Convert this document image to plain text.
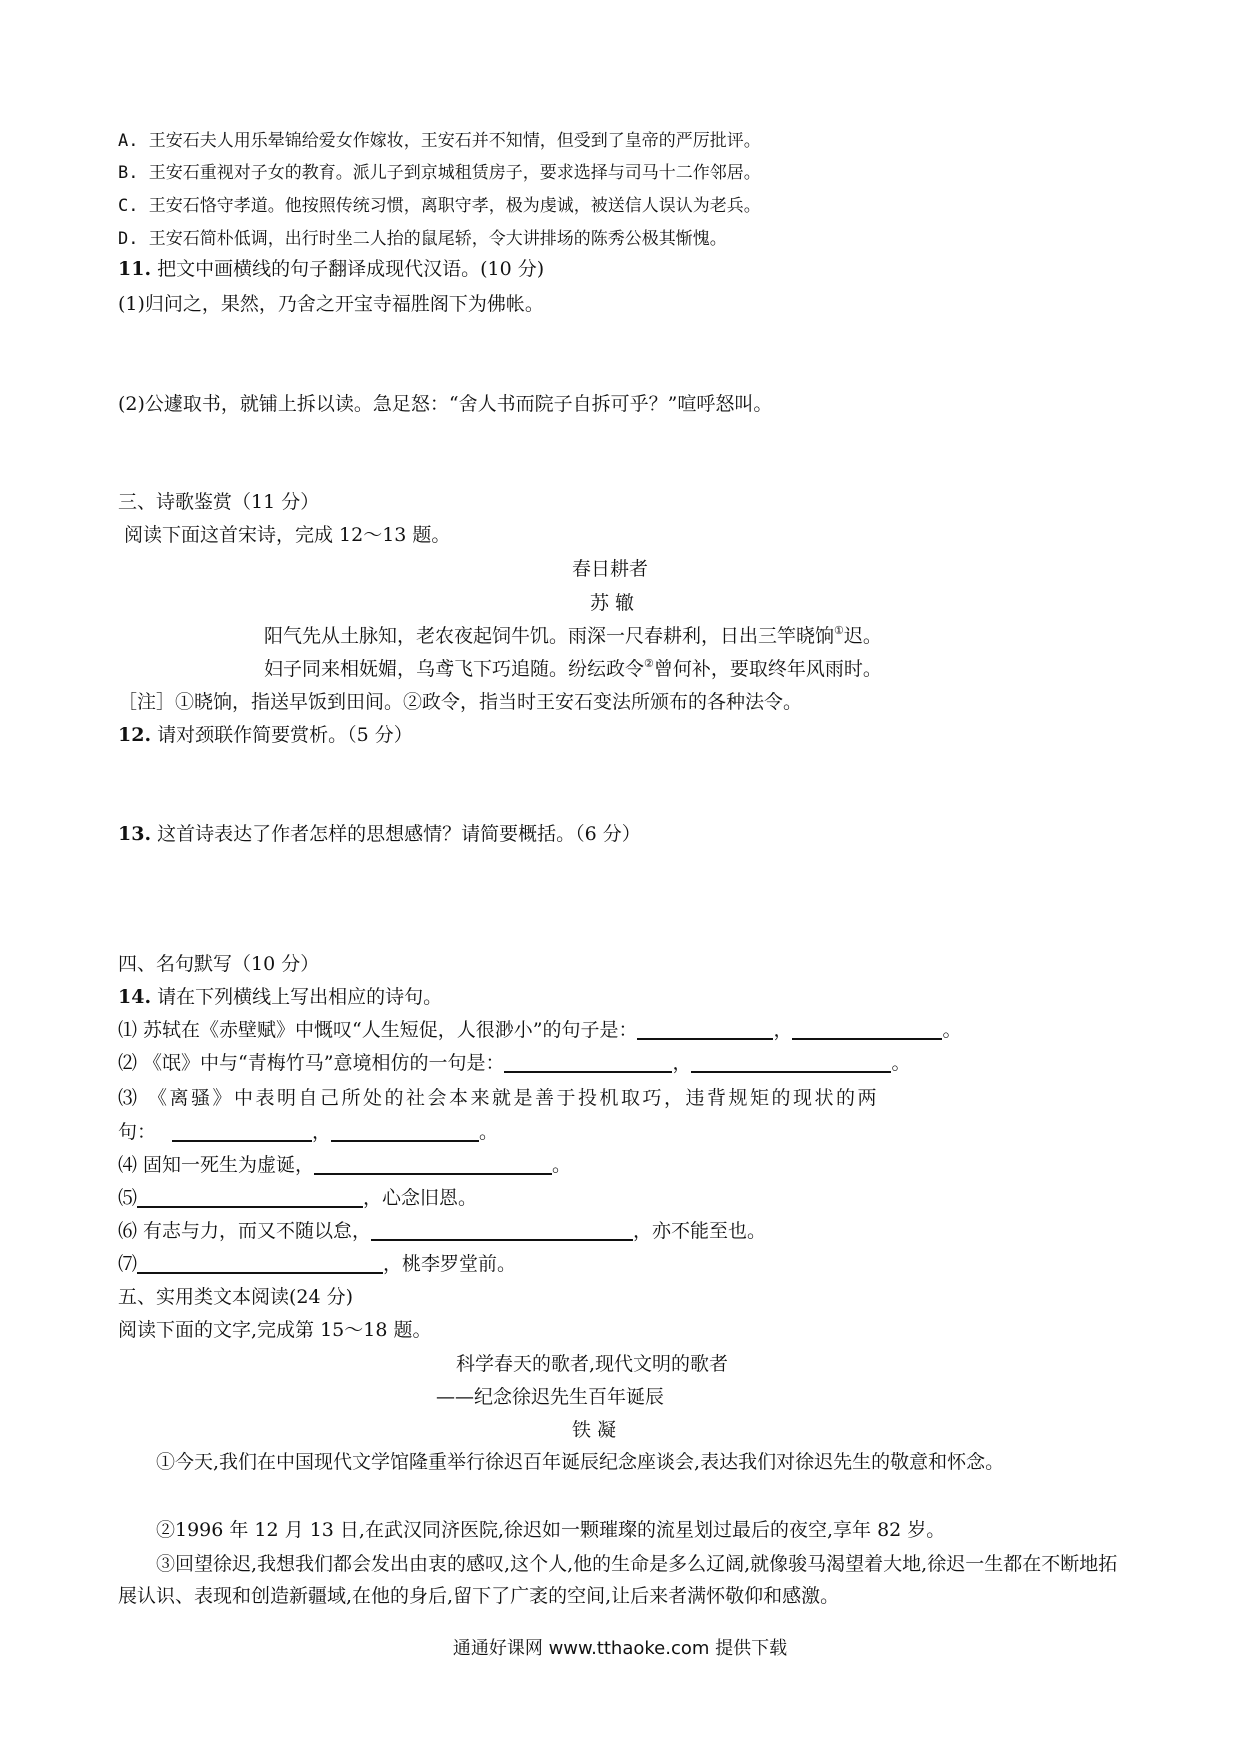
A. 王安石夫人用乐晕锦给爱女作嫁妆，王安石并不知情，但受到了皇帝的严厉批评。
B. 王安石重视对子女的教育。派儿子到京城租赁房子，要求选择与司马十二作邻居。
C. 王安石恪守孝道。他按照传统习惯，离职守孝，极为虔诚，被送信人误认为老兵。
D. 王安石简朴低调，出行时坐二人抬的鼠尾轿，令大讲排场的陈秀公极其惭愧。
11. 把文中画横线的句子翻译成现代汉语。(10 分)
(1)归问之，果然，乃舍之开宝寺福胜阁下为佛帐。
(2)公遽取书，就铺上拆以读。急足怒：“舍人书而院子自拆可乎？”喧呼怒叫。
三、诗歌鉴赏（11 分）
阅读下面这首宋诗，完成 12～13 题。
春日耕者
苏 辙
阳气先从土脉知，老农夜起饲牛饥。雨深一尺春耕利，日出三竿晓饷①迟。
妇子同来相妩媚，乌鸢飞下巧追随。纷纭政令②曾何补，要取终年风雨时。
［注］①晓饷，指送早饭到田间。②政令，指当时王安石变法所颁布的各种法令。
12. 请对颈联作简要赏析。（5 分）
13. 这首诗表达了作者怎样的思想感情？请简要概括。（6 分）
四、名句默写（10 分）
14. 请在下列横线上写出相应的诗句。
⑴ 苏轼在《赤壁赋》中慨叹“人生短促，人很渺小”的句子是：	，	。
⑵ 《氓》中与“青梅竹马”意境相仿的一句是：	，	。
⑶ 《离骚》中表明自己所处的社会本来就是善于投机取巧，违背规矩的现状的两
句：	，	。
⑷ 固知一死生为虚诞，	。
⑸	，心念旧恩。
⑹ 有志与力，而又不随以怠，	，亦不能至也。
⑺	，桃李罗堂前。
五、实用类文本阅读(24 分)
阅读下面的文字,完成第 15～18 题。
科学春天的歌者,现代文明的歌者
——纪念徐迟先生百年诞辰
铁 凝
①今天,我们在中国现代文学馆隆重举行徐迟百年诞辰纪念座谈会,表达我们对徐迟先生的敬意和怀念。
②1996 年 12 月 13 日,在武汉同济医院,徐迟如一颗璀璨的流星划过最后的夜空,享年 82 岁。
③回望徐迟,我想我们都会发出由衷的感叹,这个人,他的生命是多么辽阔,就像骏马渴望着大地,徐迟一生都在不断地拓展认识、表现和创造新疆域,在他的身后,留下了广袤的空间,让后来者满怀敬仰和感激。
通通好课网 www.tthaoke.com 提供下载
